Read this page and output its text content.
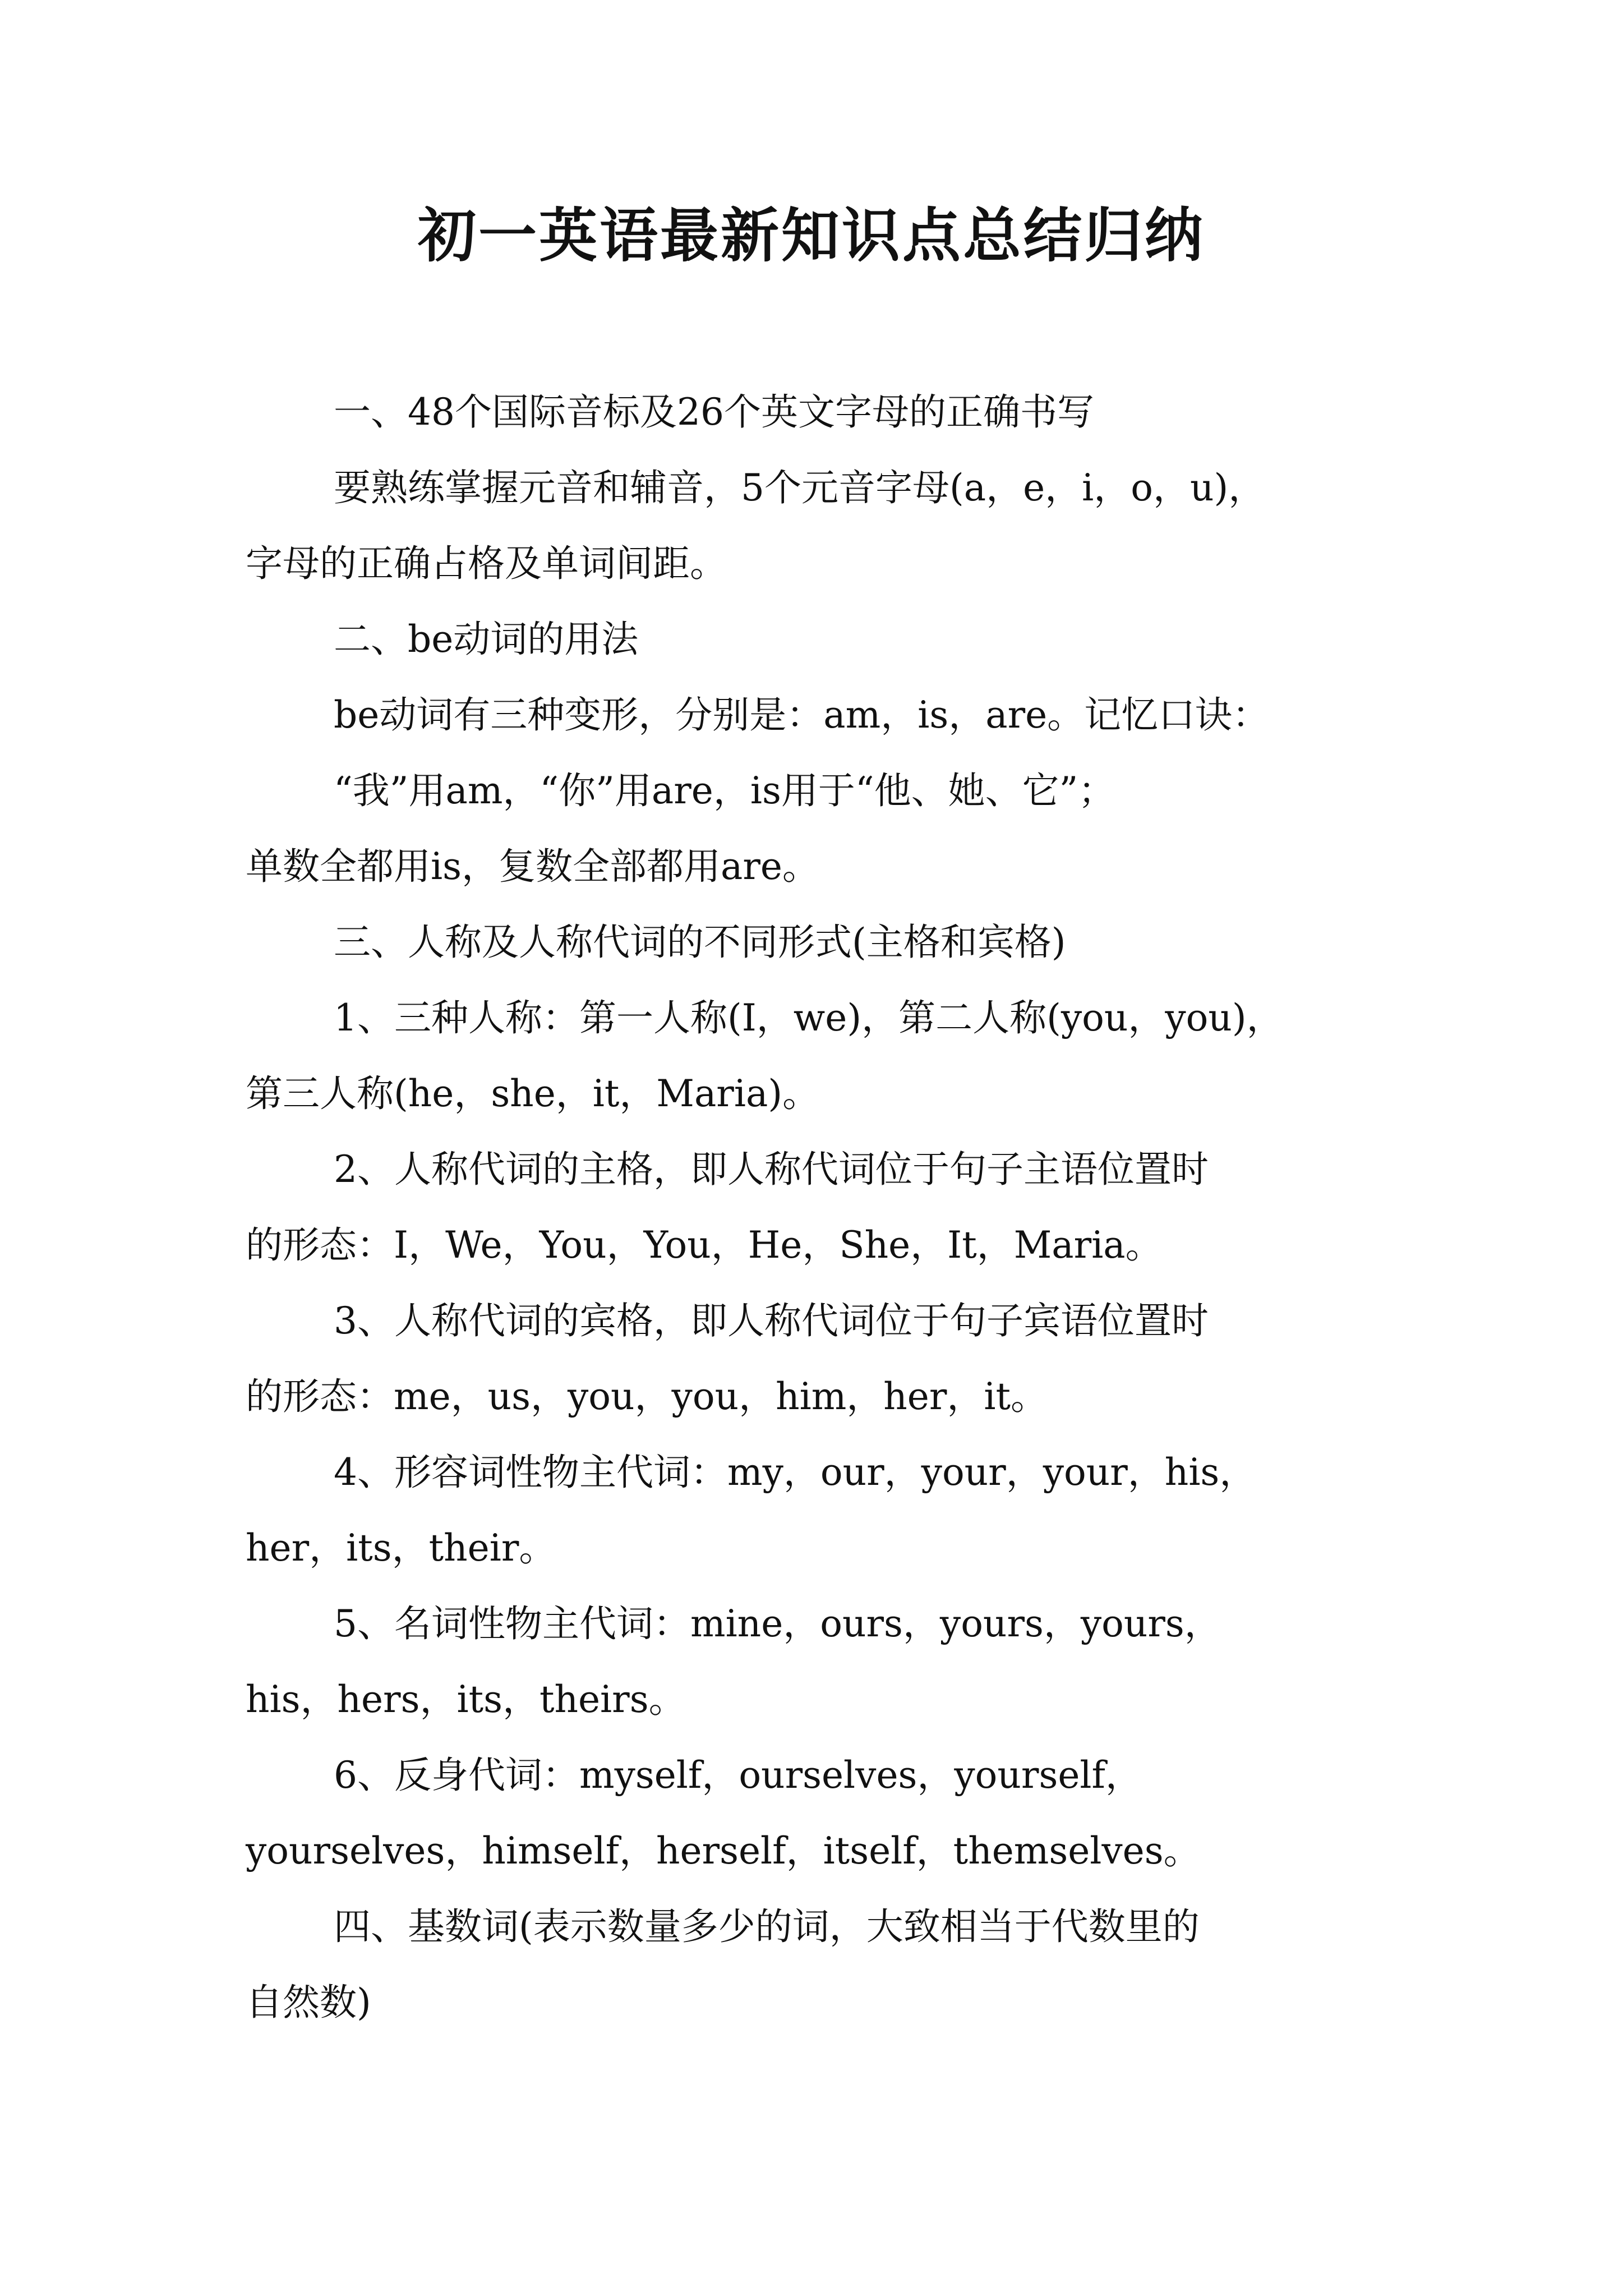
初一英语最新知识点总结归纳
一、48个国际音标及26个英文字母的正确书写
要熟练掌握元音和辅音，5个元音字母(a，e，i，o，u)，
字母的正确占格及单词间距。
二、be动词的用法
be动词有三种变形，分别是：am，is，are。记忆口诀：
“我”用am，“你”用are，is用于“他、她、它”；
单数全都用is，复数全部都用are。
三、人称及人称代词的不同形式(主格和宾格)
1、三种人称：第一人称(I，we)，第二人称(you，you)，
第三人称(he，she，it，Maria)。
2、人称代词的主格，即人称代词位于句子主语位置时
的形态：I，We，You，You，He，She，It，Maria。
3、人称代词的宾格，即人称代词位于句子宾语位置时
的形态：me，us，you，you，him，her，it。
4、形容词性物主代词：my，our，your，your，his，
her，its，their。
5、名词性物主代词：mine，ours，yours，yours，
his，hers，its，theirs。
6、反身代词：myself，ourselves，yourself，
yourselves，himself，herself，itself，themselves。
四、基数词(表示数量多少的词，大致相当于代数里的
自然数)
